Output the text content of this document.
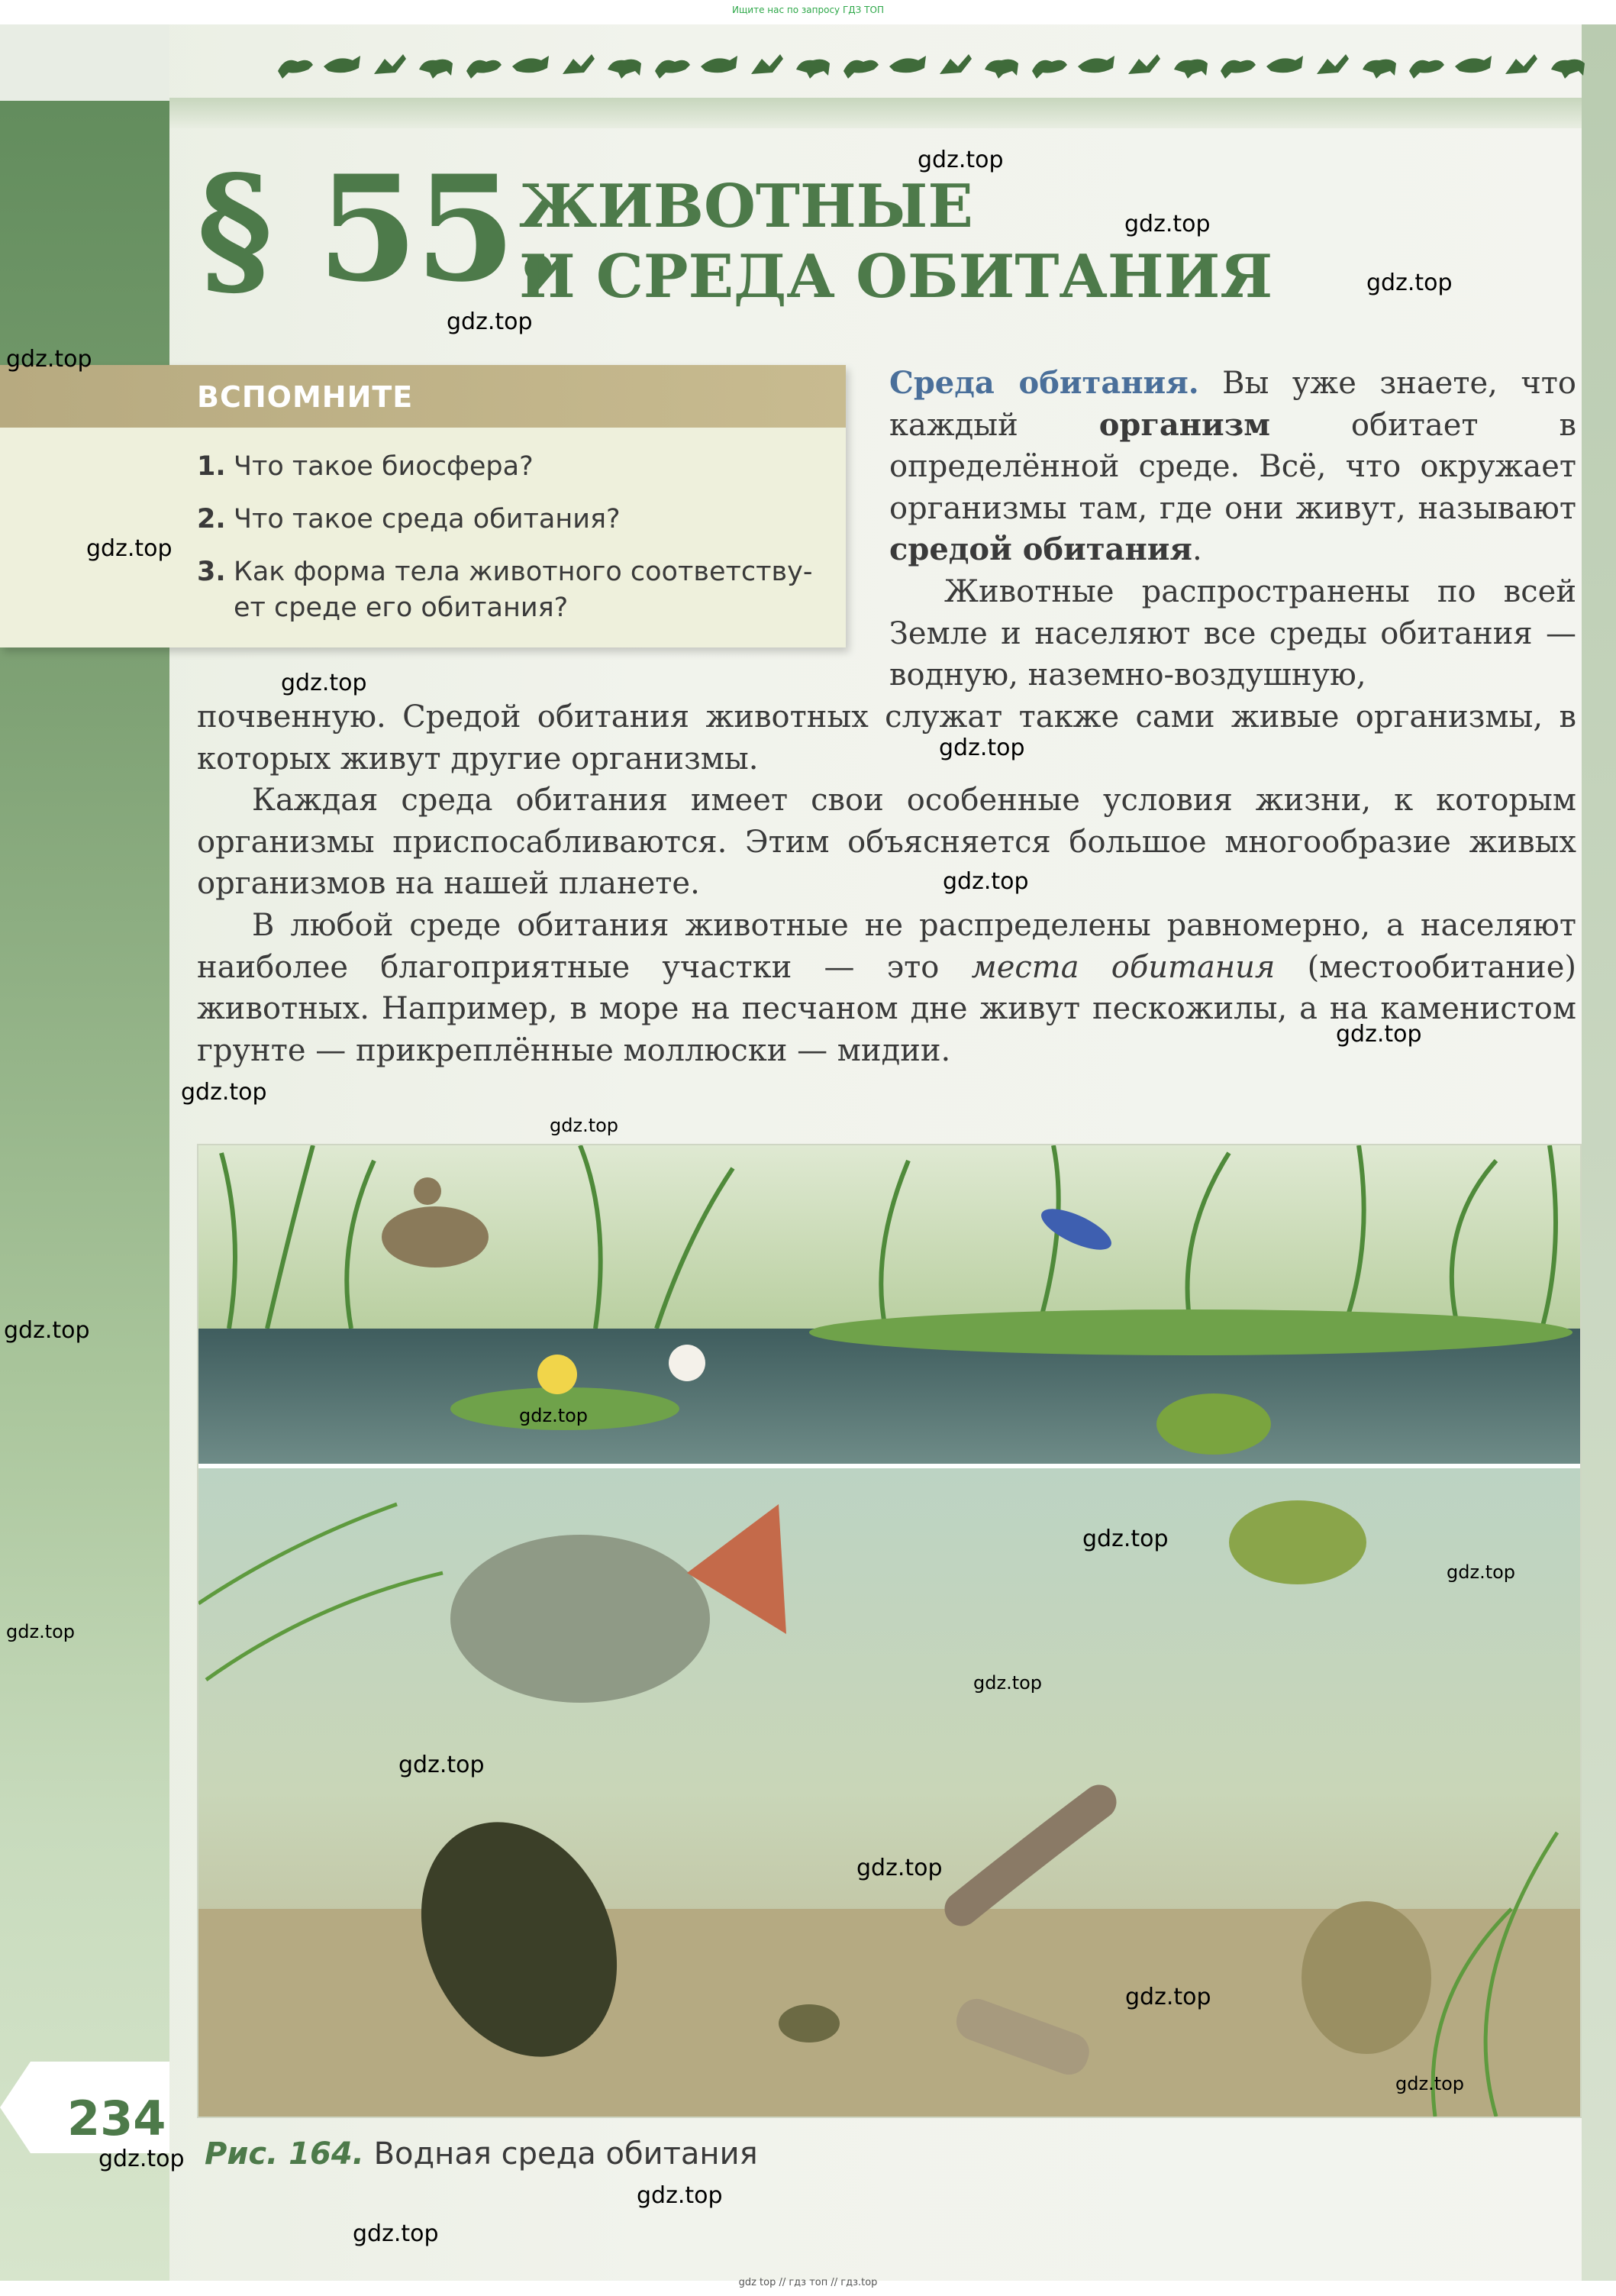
Ищите нас по запросу ГДЗ ТОП
§ 55.
ЖИВОТНЫЕ
И СРЕДА ОБИТАНИЯ
ВСПОМНИТЕ
1. Что такое биосфера?
2. Что такое среда обитания?
3. Как форма тела животного соответству-ет среде его обитания?
Среда обитания. Вы уже знаете, что каждый организм обитает в определённой среде. Всё, что окружает организмы там, где они живут, называют средой обитания.
Животные распространены по всей Земле и населяют все среды обитания — водную, наземно-воздушную,
почвенную. Средой обитания животных служат также сами живые организмы, в которых живут другие организмы.
Каждая среда обитания имеет свои особенные условия жизни, к которым организмы приспосабливаются. Этим объясняется большое многообразие живых организмов на нашей планете.
В любой среде обитания животные не распределены равномерно, а населяют наиболее благоприятные участки — это места обитания (местообитание) животных. Например, в море на песчаном дне живут пескожилы, а на каменистом грунте — прикреплённые моллюски — мидии.
234
Рис. 164. Водная среда обитания
gdz.top
gdz.top
gdz.top
gdz.top
gdz.top
gdz.top
gdz.top
gdz.top
gdz.top
gdz.top
gdz.top
gdz.top
gdz.top
gdz.top
gdz.top
gdz.top
gdz.top
gdz.top
gdz.top
gdz.top
gdz.top
gdz.top
gdz.top
gdz.top
gdz.top
gdz top // гдз топ // гдз.top
